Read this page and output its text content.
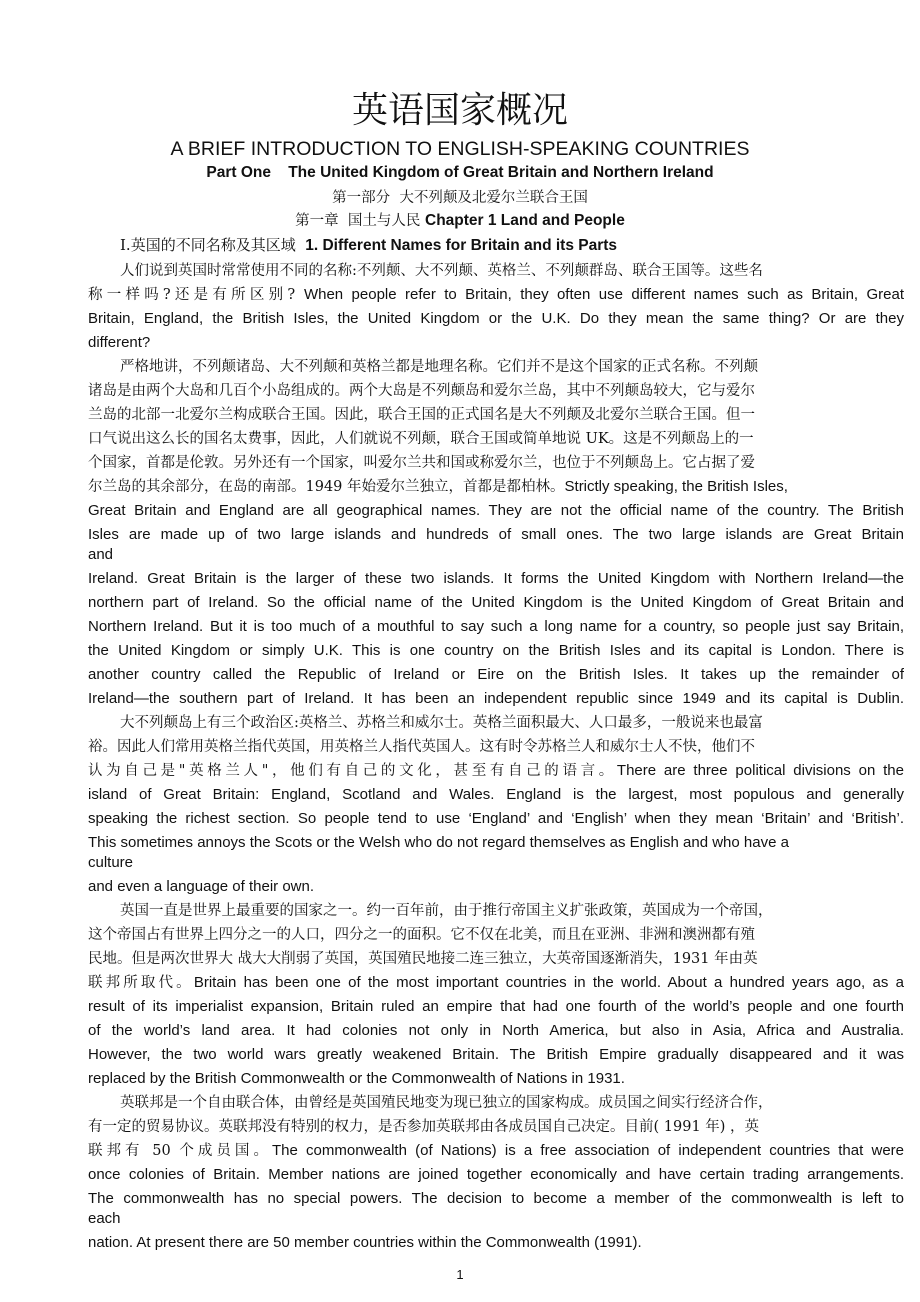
英语国家概况
A BRIEF INTRODUCTION TO ENGLISH-SPEAKING COUNTRIES
Part One    The United Kingdom of Great Britain and Northern Ireland
第一部分  大不列颠及北爱尔兰联合王国
第一章  国土与人民 Chapter 1 Land and People
Ⅰ.英国的不同名称及其区域  1. Different Names for Britain and its Parts
人们说到英国时常常使用不同的名称:不列颠、大不列颠、英格兰、不列颠群岛、联合王国等。这些名
称一样吗?还是有所区别? When people refer to Britain, they often use different names such as Britain, Great
Britain, England, the British Isles, the United Kingdom or the U.K. Do they mean the same thing? Or are they
different?
严格地讲，不列颠诸岛、大不列颠和英格兰都是地理名称。它们并不是这个国家的正式名称。不列颠
诸岛是由两个大岛和几百个小岛组成的。两个大岛是不列颠岛和爱尔兰岛，其中不列颠岛较大，它与爱尔
兰岛的北部一北爱尔兰构成联合王国。因此，联合王国的正式国名是大不列颠及北爱尔兰联合王国。但一
口气说出这么长的国名太费事，因此，人们就说不列颠，联合王国或简单地说 UK。这是不列颠岛上的一
个国家，首都是伦敦。另外还有一个国家，叫爱尔兰共和国或称爱尔兰，也位于不列颠岛上。它占据了爱
尔兰岛的其余部分，在岛的南部。1949 年始爱尔兰独立，首都是都柏林。Strictly speaking, the British Isles,
Great Britain and England are all geographical names. They are not the official name of the country. The British
Isles are made up of two large islands and hundreds of small ones. The two large islands are Great Britain
and
Ireland. Great Britain is the larger of these two islands. It forms the United Kingdom with Northern Ireland—the
northern part of Ireland. So the official name of the United Kingdom is the United Kingdom of Great Britain and
Northern Ireland. But it is too much of a mouthful to say such a long name for a country, so people just say Britain,
the United Kingdom or simply U.K. This is one country on the British Isles and its capital is London. There is
another country called the Republic of Ireland or Eire on the British Isles. It takes up the remainder of
Ireland—the southern part of Ireland. It has been an independent republic since 1949 and its capital is Dublin.
大不列颠岛上有三个政治区:英格兰、苏格兰和威尔士。英格兰面积最大、人口最多，一般说来也最富
裕。因此人们常用英格兰指代英国，用英格兰人指代英国人。这有时令苏格兰人和威尔士人不快，他们不
认为自己是"英格兰人"，他们有自己的文化，甚至有自己的语言。There are three political divisions on the
island of Great Britain: England, Scotland and Wales. England is the largest, most populous and generally
speaking the richest section. So people tend to use ‘England’ and ‘English’ when they mean ‘Britain’ and ‘British’.
This sometimes annoys the Scots or the Welsh who do not regard themselves as English and who have a
culture
and even a language of their own.
英国一直是世界上最重要的国家之一。约一百年前，由于推行帝国主义扩张政策，英国成为一个帝国，
这个帝国占有世界上四分之一的人口，四分之一的面积。它不仅在北美，而且在亚洲、非洲和澳洲都有殖
民地。但是两次世界大 战大大削弱了英国，英国殖民地接二连三独立，大英帝国逐渐消失，1931 年由英
联邦所取代。Britain has been one of the most important countries in the world. About a hundred years ago, as a
result of its imperialist expansion, Britain ruled an empire that had one fourth of the world’s people and one fourth
of the world’s land area. It had colonies not only in North America, but also in Asia, Africa and Australia.
However, the two world wars greatly weakened Britain. The British Empire gradually disappeared and it was
replaced by the British Commonwealth or the Commonwealth of Nations in 1931.
英联邦是一个自由联合体，由曾经是英国殖民地变为现已独立的国家构成。成员国之间实行经济合作，
有一定的贸易协议。英联邦没有特别的权力，是否参加英联邦由各成员国自己决定。目前( 1991 年) ，英
联邦有 50 个成员国。The commonwealth (of Nations) is a free association of independent countries that were
once colonies of Britain. Member nations are joined together economically and have certain trading arrangements.
The commonwealth has no special powers. The decision to become a member of the commonwealth is left to
each
nation. At present there are 50 member countries within the Commonwealth (1991).
1
